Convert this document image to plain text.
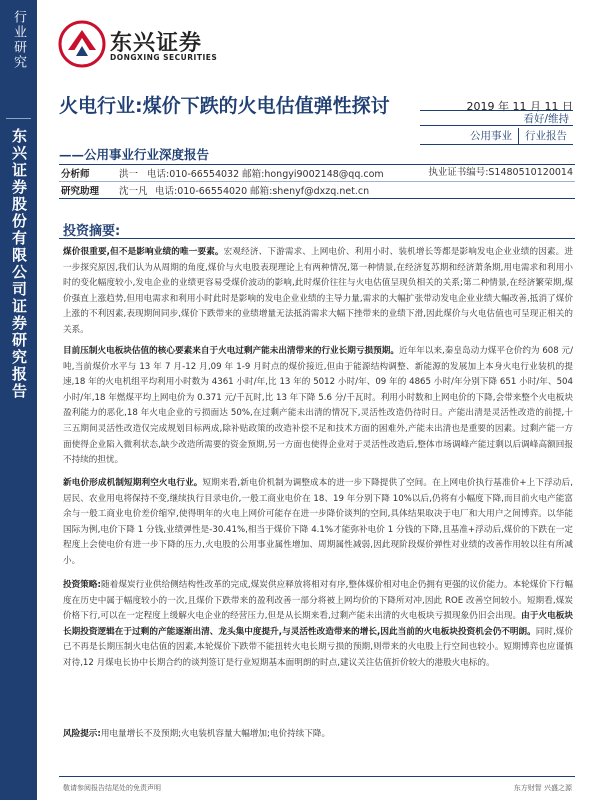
行业研究
东兴证券股份有限公司证券研究报告
东兴证券
DONGXING SECURITIES
火电行业:煤价下跌的火电估值弹性探讨
——公用事业行业深度报告
2019 年 11 月 11 日
看好/维持
公用事业	行业报告
分析师	洪一 电话:010-66554032 邮箱:hongyi9002148@qq.com	执业证书编号:S1480510120014
研究助理	沈一凡 电话:010-66554020 邮箱:shenyf@dxzq.net.cn
投资摘要:
煤价很重要,但不是影响业绩的唯一要素。宏观经济、下游需求、上网电价、利用小时、装机增长等都是影响发电企业业绩的因素。进一步探究原因,我们认为从周期的角度,煤价与火电股表现理论上有两种情况,第一种情景,在经济复苏期和经济萧条期,用电需求和利用小时的变化幅度较小,发电企业的业绩更容易受煤价波动的影响,此时煤价往往与火电估值呈现负相关的关系;第二种情景,在经济繁荣期,煤价强直上涨趋势,但用电需求和利用小时此时是影响的发电企业业绩的主导力量,需求的大幅扩张带动发电企业业绩大幅改善,抵消了煤价上涨的不利因素,表现期间同步,煤价下跌带来的业绩增量无法抵消需求大幅下挫带来的业绩下滑,因此煤价与火电估值也可呈现正相关的关系。
目前压制火电板块估值的核心要素来自于火电过剩产能未出清带来的行业长期亏损预期。近年年以来,秦皇岛动力煤平仓价约为 608 元/吨,当前煤价水平与 13 年 7 月-12 月,09 年 1-9 月时点的煤价接近,但由于能源结构调整、新能源的发展加上本身火电行业装机的提速,18 年的火电机组平均利用小时数为 4361 小时/年,比 13 年的 5012 小时/年、09 年的 4865 小时/年分别下降 651 小时/年、504 小时/年,18 年燃煤平均上网电价为 0.371 元/千瓦时,比 13 年下降 5.6 分/千瓦时。利用小时数和上网电价的下降,会带来整个火电板块盈利能力的恶化,18 年火电企业的亏损面达 50%,在过剩产能未出清的情况下,灵活性改造仍待时日。产能出清是灵活性改造的前提,十三五期间灵活性改造仅完成规划目标两成,除补贴政策的改造补偿不足和技术方面的困难外,产能未出清也是重要的因素。过剩产能一方面使得企业陷入微利状态,缺少改造所需要的资金预期,另一方面也使得企业对于灵活性改造后,整体市场调峰产能过剩以后调峰高额回报不持续的担忧。
新电价形成机制短期利空火电行业。短期来看,新电价机制为调整成本的进一步下降提供了空间。在上网电价执行基准价+上下浮动后,居民、农业用电将保持不变,继续执行目录电价,一般工商业电价在 18、19 年分别下降 10%以后,仍将有小幅度下降,而目前火电产能富余与一般工商业电价差价缩窄,使得明年的火电上网价可能存在进一步降价谈判的空间,具体结果取决于电厂和大用户之间博弈。以华能国际为例,电价下降 1 分钱,业绩弹性是-30.41%,相当于煤价下降 4.1%才能弥补电价 1 分钱的下降,且基准+浮动后,煤价的下跌在一定程度上会使电价有进一步下降的压力,火电股的公用事业属性增加、周期属性减弱,因此现阶段煤价弹性对业绩的改善作用较以往有所减小。
投资策略:随着煤炭行业供给侧结构性改革的完成,煤炭供应释放将相对有序,整体煤价相对电企仍拥有更强的议价能力。本轮煤价下行幅度在历史中属于幅度较小的一次,且煤价下跌带来的盈利改善一部分将被上网均价的下降所对冲,因此 ROE 改善空间较小。短期看,煤炭价格下行,可以在一定程度上缓解火电企业的经营压力,但是从长期来看,过剩产能未出清的火电板块亏损现象仍旧会出现。由于火电板块长期投资逻辑在于过剩的产能逐渐出清、龙头集中度提升,与灵活性改造带来的增长,因此当前的火电板块投资机会仍不明朗。同时,煤价已不再是长期压制火电估值的因素,本轮煤价下跌带不能扭转火电长期亏损的预期,则带来的火电股上行空间也较小。短期博弈也应谨慎对待,12 月煤电长协中长期合约的谈判签订是行业短期基本面明朗的时点,建议关注估值折价较大的港股火电标的。
风险提示:用电量增长不及预期;火电装机容量大幅增加;电价持续下降。
敬请参阅报告结尾处的免责声明	东方财智 兴盛之源
